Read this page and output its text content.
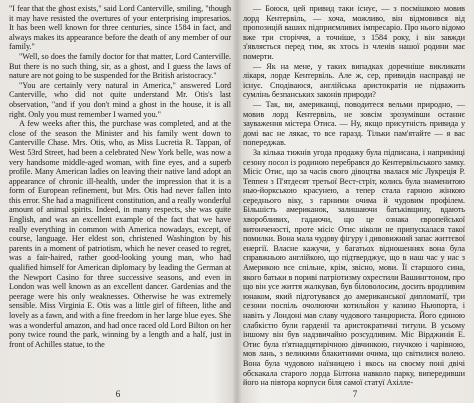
"I fear that the ghost exists," said Lord Canterville, smiling, "though it may have resisted the overtures of your enterprising impresarios. It has been well known for three centuries, since 1584 in fact, and always makes its appearance before the death of any member of our family."

"Well, so does the family doctor for that matter, Lord Canterville. But there is no such thing, sir, as a ghost, and I guess the laws of nature are not going to be suspended for the British aristocracy."

"You are certainly very natural in America," answered Lord Canterville, who did not quite understand Mr. Otis's last observation, "and if you don't mind a ghost in the house, it is all right. Only you must remember I warned you."

A few weeks after this, the purchase was completed, and at the close of the season the Minister and his family went down to Canterville Chase. Mrs. Otis, who, as Miss Lucretia R. Tappan, of West 53rd Street, had been a celebrated New York belle, was now a very handsome middle-aged woman, with fine eyes, and a superb profile. Many American ladies on leaving their native land adopt an appearance of chronic ill-health, under the impression that it is a form of European refinement, but Mrs. Otis had never fallen into this error. She had a magnificent constitution, and a really wonderful amount of animal spirits. Indeed, in many respects, she was quite English, and was an excellent example of the fact that we have really everything in common with America nowadays, except, of course, language. Her eldest son, christened Washington by his parents in a moment of patriotism, which he never ceased to regret, was a fair-haired, rather good-looking young man, who had qualified himself for American diplomacy by leading the German at the Newport Casino for three successive seasons, and even in London was well known as an excellent dancer. Gardenias and the peerage were his only weaknesses. Otherwise he was extremely sensible. Miss Virginia E. Otis was a little girl of fifteen, lithe and lovely as a fawn, and with a fine freedom in her large blue eyes. She was a wonderful amazon, and had once raced old Lord Bilton on her pony twice round the park, winning by a length and a half, just in front of Achilles statue, to the

6

— Боюся, цей привид таки існує, — з посмішкою мовив лорд Кентервіль, — хоча, можливо, він відмовився від пропозицій ваших підприємливих імпресаріо. Про нього відомо вже три сторіччя, а точніше, з 1584 року, і він завжди з'являється перед тим, як хтось із членів нашої родини має померти.

— Як на мене, у таких випадках доречніше викликати лікаря, лорде Кентервіль. Але ж, сер, привидів насправді не існує. Сподіваюся, англійська аристократія не підважить сумлінь безпанських законів природи?

— Так, ви, американці, поводитеся вельми природно, — мовив лорд Кентервіль, не зовсім зрозумівши останнє зауваження містера Отиса. — Ну, якщо присутність привида у домі вас не лякає, то все гаразд. Тільки пам'ятайте — я вас попереджав.

За кілька тижнів угода продажу була підписана, і наприкінці сезону посол із родиною перебрався до Кентервільського замку. Місіс Отис, що за часів свого дівоцтва звалася міс Лукреція Р. Теппен з П'ятдесят третьої Вест-стріт, колись була знаменитою нью-йоркською красунею, а тепер стала гарною жінкою середнього віку, з гарними очима й чудовим профілем. Більшість американок, залишаючи батьківщину, вдають хворобливих, гадаючи, що це ознака європейської витонченості, проте місіс Отис ніколи не припускалася такої помилки. Вона мала чудову фігуру і дивовижний запас життєвої енергії. Власне кажучи, у багатьох відношеннях вона була справжньою англійкою, що підтверджує, що в наш час у нас з Америкою все спільне, крім, звісно, мови. Її старшого сина, якого батьки в пориві патріотизму охрестили Вашингтоном, про що він усе життя жалкував, був біловолосим, досить вродливим юнаком, який підготувався до американської дипломатії, три сезони поспіль очолюючи котильйон у казино Ньюпорта, і навіть у Лондоні мав славу чудового танцюриста. Його єдиною слабкістю були гарденії та аристократичні титули. В усьому іншому він був надзвичайно розсудливим. Міс Вірджинія Е. Отис була п'ятнадцятирічною дівчинкою, гнучкою і чарівною, мов лань, з великими блакитними очима, що світилися волею. Вона була чудовою наїзницею і якось на своєму поні двічі обскакала старого лорда Білтона навколо парку, випередивши його на півтора корпуси біля самої статуї Ахілле-

7
